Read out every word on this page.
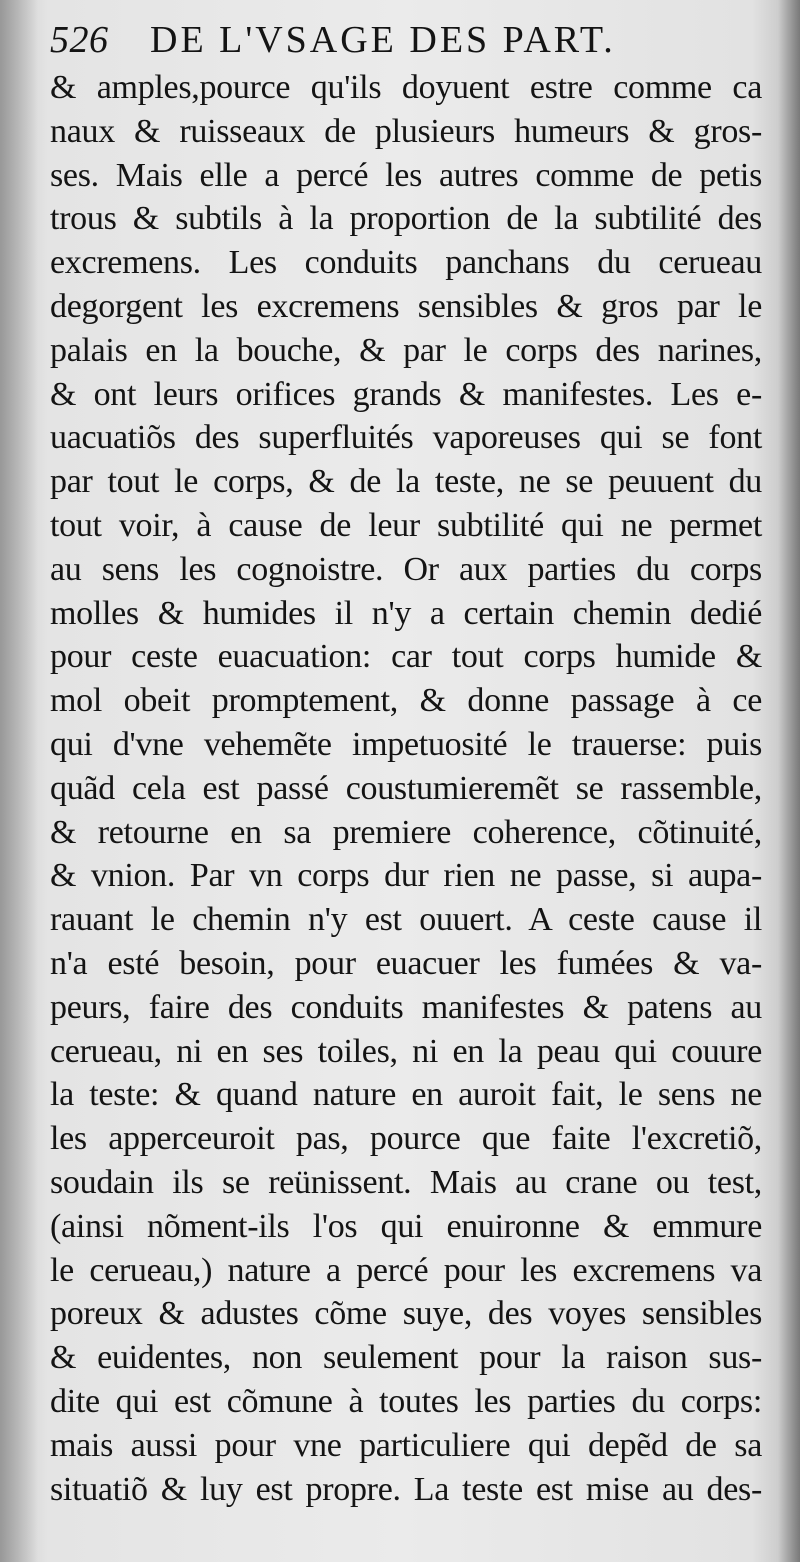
526 DE L'VSAGE DES PART.
& amples,pource qu'ils doyuent estre comme ca
naux & ruisseaux de plusieurs humeurs & gros-
ses. Mais elle a percé les autres comme de petis
trous & subtils à la proportion de la subtilité des
excremens. Les conduits panchans du cerueau
degorgent les excremens sensibles & gros par le
palais en la bouche, & par le corps des narines,
& ont leurs orifices grands & manifestes. Les e-
uacuatiõs des superfluités vaporeuses qui se font
par tout le corps, & de la teste, ne se peuuent du
tout voir, à cause de leur subtilité qui ne permet
au sens les cognoistre. Or aux parties du corps
molles & humides il n'y a certain chemin dedié
pour ceste euacuation: car tout corps humide &
mol obeit promptement, & donne passage à ce
qui d'vne vehemẽte impetuosité le trauerse: puis
quãd cela est passé coustumieremẽt se rassemble,
& retourne en sa premiere coherence, cõtinuité,
& vnion. Par vn corps dur rien ne passe, si aupa-
rauant le chemin n'y est ouuert. A ceste cause il
n'a esté besoin, pour euacuer les fumées & va-
peurs, faire des conduits manifestes & patens au
cerueau, ni en ses toiles, ni en la peau qui couure
la teste: & quand nature en auroit fait, le sens ne
les apperceuroit pas, pource que faite l'excretiõ,
soudain ils se reünissent. Mais au crane ou test,
(ainsi nõment-ils l'os qui enuironne & emmure
le cerueau,) nature a percé pour les excremens va
poreux & adustes cõme suye, des voyes sensibles
& euidentes, non seulement pour la raison sus-
dite qui est cõmune à toutes les parties du corps:
mais aussi pour vne particuliere qui depẽd de sa
situatiõ & luy est propre. La teste est mise au des-
